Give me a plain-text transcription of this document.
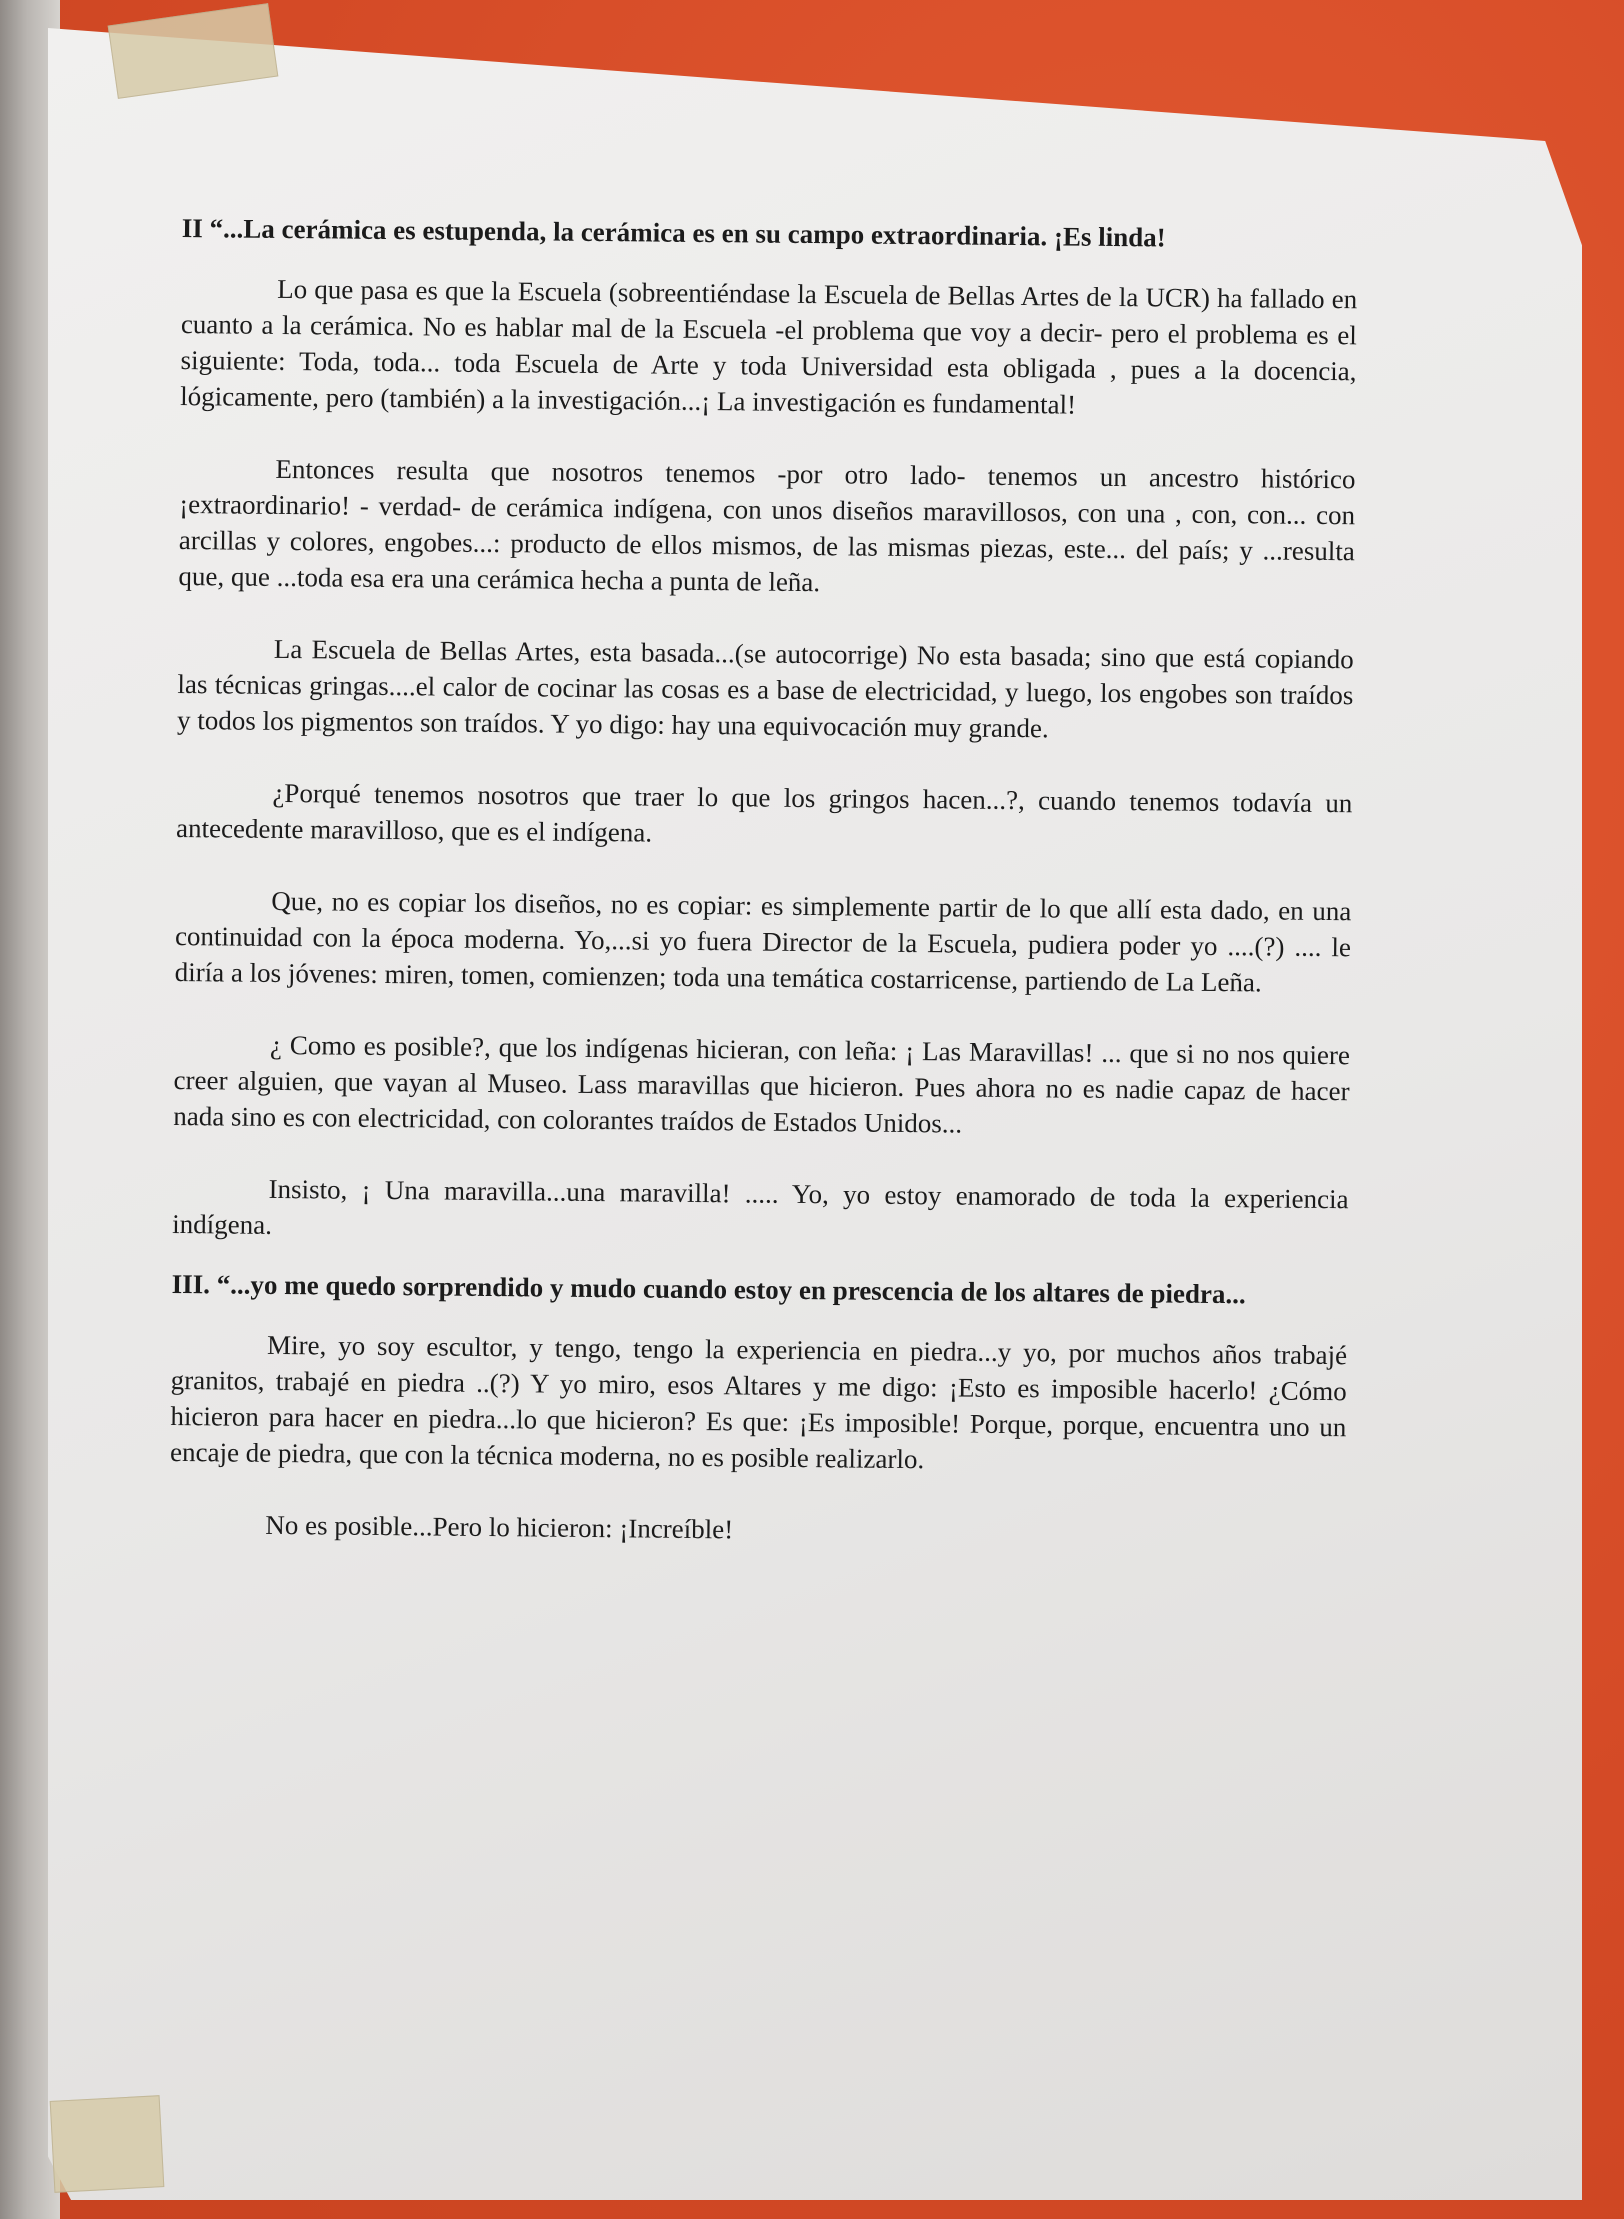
II “...La cerámica es estupenda, la cerámica es en su campo extraordinaria. ¡Es linda!

Lo que pasa es que la Escuela (sobreentiéndase la Escuela de Bellas Artes de la UCR) ha fallado en cuanto a la cerámica. No es hablar mal de la Escuela -el problema que voy a decir- pero el problema es el siguiente: Toda, toda... toda Escuela de Arte y toda Universidad esta obligada , pues a la docencia, lógicamente, pero (también) a la investigación...¡ La investigación es fundamental!

Entonces resulta que nosotros tenemos -por otro lado- tenemos un ancestro histórico ¡extraordinario! - verdad- de cerámica indígena, con unos diseños maravillosos, con una , con, con... con arcillas y colores, engobes...: producto de ellos mismos, de las mismas piezas, este... del país; y ...resulta que, que ...toda esa era una cerámica hecha a punta de leña.

La Escuela de Bellas Artes, esta basada...(se autocorrige) No esta basada; sino que está copiando las técnicas gringas....el calor de cocinar las cosas es a base de electricidad, y luego, los engobes son traídos y todos los pigmentos son traídos. Y yo digo: hay una equivocación muy grande.

¿Porqué tenemos nosotros que traer lo que los gringos hacen...?, cuando tenemos todavía un antecedente maravilloso, que es el indígena.

Que, no es copiar los diseños, no es copiar: es simplemente partir de lo que allí esta dado, en una continuidad con la época moderna. Yo,...si yo fuera Director de la Escuela, pudiera poder yo ....(?) .... le diría a los jóvenes: miren, tomen, comienzen; toda una temática costarricense, partiendo de La Leña.

¿ Como es posible?, que los indígenas hicieran, con leña: ¡ Las Maravillas! ... que si no nos quiere creer alguien, que vayan al Museo. Lass maravillas que hicieron. Pues ahora no es nadie capaz de hacer nada sino es con electricidad, con colorantes traídos de Estados Unidos...

Insisto, ¡ Una maravilla...una maravilla! ..... Yo, yo estoy enamorado de toda la experiencia indígena.

III. “...yo me quedo sorprendido y mudo cuando estoy en prescencia de los altares de piedra...

Mire, yo soy escultor, y tengo, tengo la experiencia en piedra...y yo, por muchos años trabajé granitos, trabajé en piedra ..(?) Y yo miro, esos Altares y me digo: ¡Esto es imposible hacerlo! ¿Cómo hicieron para hacer en piedra...lo que hicieron? Es que: ¡Es imposible! Porque, porque, encuentra uno un encaje de piedra, que con la técnica moderna, no es posible realizarlo.

No es posible...Pero lo hicieron: ¡Increíble!
